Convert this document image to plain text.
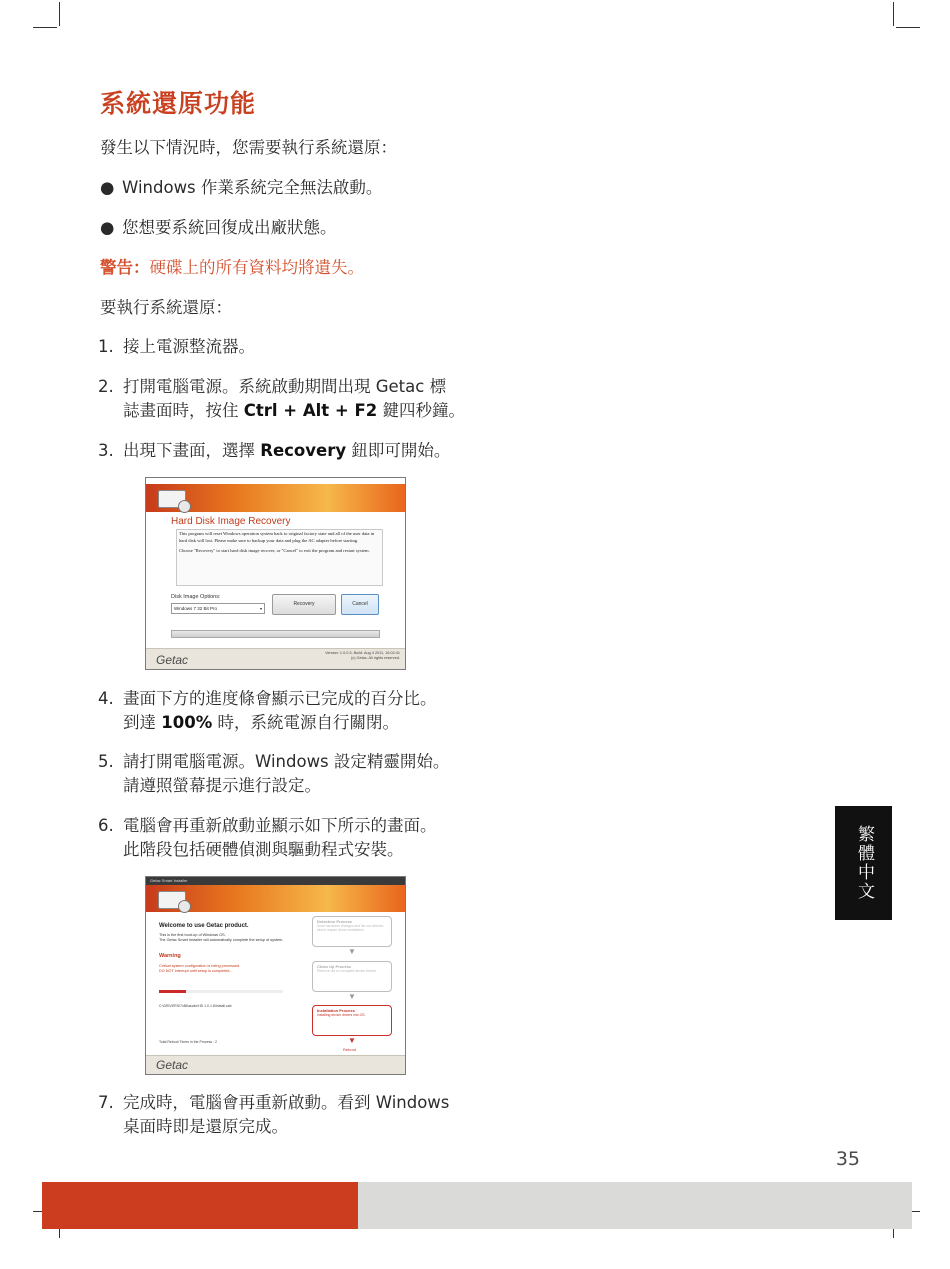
系統還原功能
發生以下情況時，您需要執行系統還原：
● Windows 作業系統完全無法啟動。
● 您想要系統回復成出廠狀態。
警告：硬碟上的所有資料均將遺失。
要執行系統還原：
1. 接上電源整流器。
2. 打開電腦電源。系統啟動期間出現 Getac 標
誌畫面時，按住 Ctrl + Alt + F2 鍵四秒鐘。
3. 出現下畫面，選擇 Recovery 鈕即可開始。
Hard Disk Image Recovery
This program will reset Windows operation system back to original factory state and all of the user data in hard disk will lost. Please make sure to backup your data and plug the AC adapter before starting.
Choose "Recovery" to start hard disk image recover, or "Cancel" to exit the program and restart system.
Disk Image Options:
Windows 7 32 Bit Pro	▾
Recovery	Cancel
Getac	Version: 1.0.0.3, Build: Aug 4 2011, 16:02:41
(c) Getac. All rights reserved.
4. 畫面下方的進度條會顯示已完成的百分比。
到達 100% 時，系統電源自行關閉。
5. 請打開電腦電源。Windows 設定精靈開始。
請遵照螢幕提示進行設定。
6. 電腦會再重新啟動並顯示如下所示的畫面。
此階段包括硬體偵測與驅動程式安裝。
Getac Smart Installer
Welcome to use Getac product.
This is the first boot-up of Windows OS.
The Getac Smart Installer will automatically complete the setup of system.
Warning
Critical system configuration is being processed.
DO NOT interrupt until setup is completed...
C:\DRIVERS\7x86\audio\HD 1.0.1.8\Install.cab
Total Reboot Times in the Process : 2
Detection Process
Scan hardware changes and list out devices which require driver installation.
▼
Clean Up Process
Remove old or corrupted device drivers.
▼
Installation Process
Installing device drivers into OS.
▼
Reboot
Getac
7. 完成時，電腦會再重新啟動。看到 Windows
桌面時即是還原完成。
繁體中文
35
